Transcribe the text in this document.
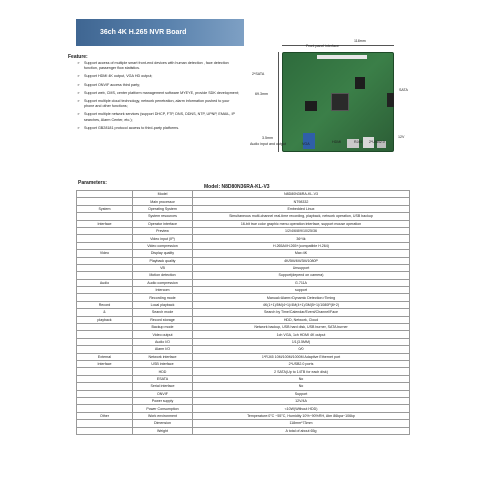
36ch 4K H.265 NVR Board
Feature:
➢ Support access of multiple smart front-end devices with human detection , face detection function, passenger flow statistics.
➢ Support HDMI 4K output, VGA HD output;
➢ Support ONVIF access third party;
➢ Support web, CMS, center platform management software MYEYE, provide SDK development;
➢ Support multiple cloud technology, network penetration, alarm information pushed to your phone and other functions;
➢ Support multiple network services (support DHCP, FTP, DNS, DDNS, NTP, UPNP, EMAIL, IP searches, Alarm Center, etc.);
➢ Support GB28181 protocol access to third-party platforms.
118mm
Front panel interface
69.3mm
2*SATA
SATA
12V
3.5mm
Audio input and output	VGA	HDMI	RJ45 2*USB2.0
Parameters:
Model: N8D80N36RA-KL-V3
	Model	N8D80N36RA-KL-V3
	Main processor	NT98332
System	Operating System	Embedded Linux
	System resources	Simultaneous multi-channel real-time recording, playback, network operation, USB backup
Interface	Operator interface	16-bit true color graphic menu operation interface, support mouse operation
	Preview	1/2/4/6/8/9/10/25/36
	Video input (IP)	36*4k
	Video compression	H.265AI/H.265+(compatible H.264)
Video	Display quality	Max:4K
	Playback quality	4K/5M/4M/3M/1080P
	VB	Unsupport
	Motion detection	Support(depend on camera)
Audio	Audio compression	G.711A
	Intercom	support
	Recording mode	Manual>Alarm>Dynamic Detection>Timing
Record	Local playback	4K(1+1)/5M(4+1)/4M(4+1)/3M(5+1)/1080P(8+2)
&	Search mode	Search by Time/Calendar/Event/Channel/Face
playback	Record storage	HDD, Network, Cloud
	Backup mode	Network backup, USB hard disk, USB burner, SATA burner
	Video output	1ch VGA, 1ch HDMI 4K output
	Audio I/O	1/1(3.5MM)
	Alarm I/O	0/0
External	Network interface	1*RJ45 10M/100M/1000M Adaptive Ethernet port
Interface	USB interface	2*USB2.0 ports
	HDD	2 SATA(Up to 14TB for each disk)
	ESATA	No
	Serial interface	No
	ONVIF	Support
	Power supply	12V/4A
	Power Consumption	<10W(Without HDD)
Other	Work environment	Temperature:0°C ~55°C, Humidity 10%~90%RH, Atm 86kpa~106kp
	Dimension	118mm*73mm
	Weight	A total of about 65g
